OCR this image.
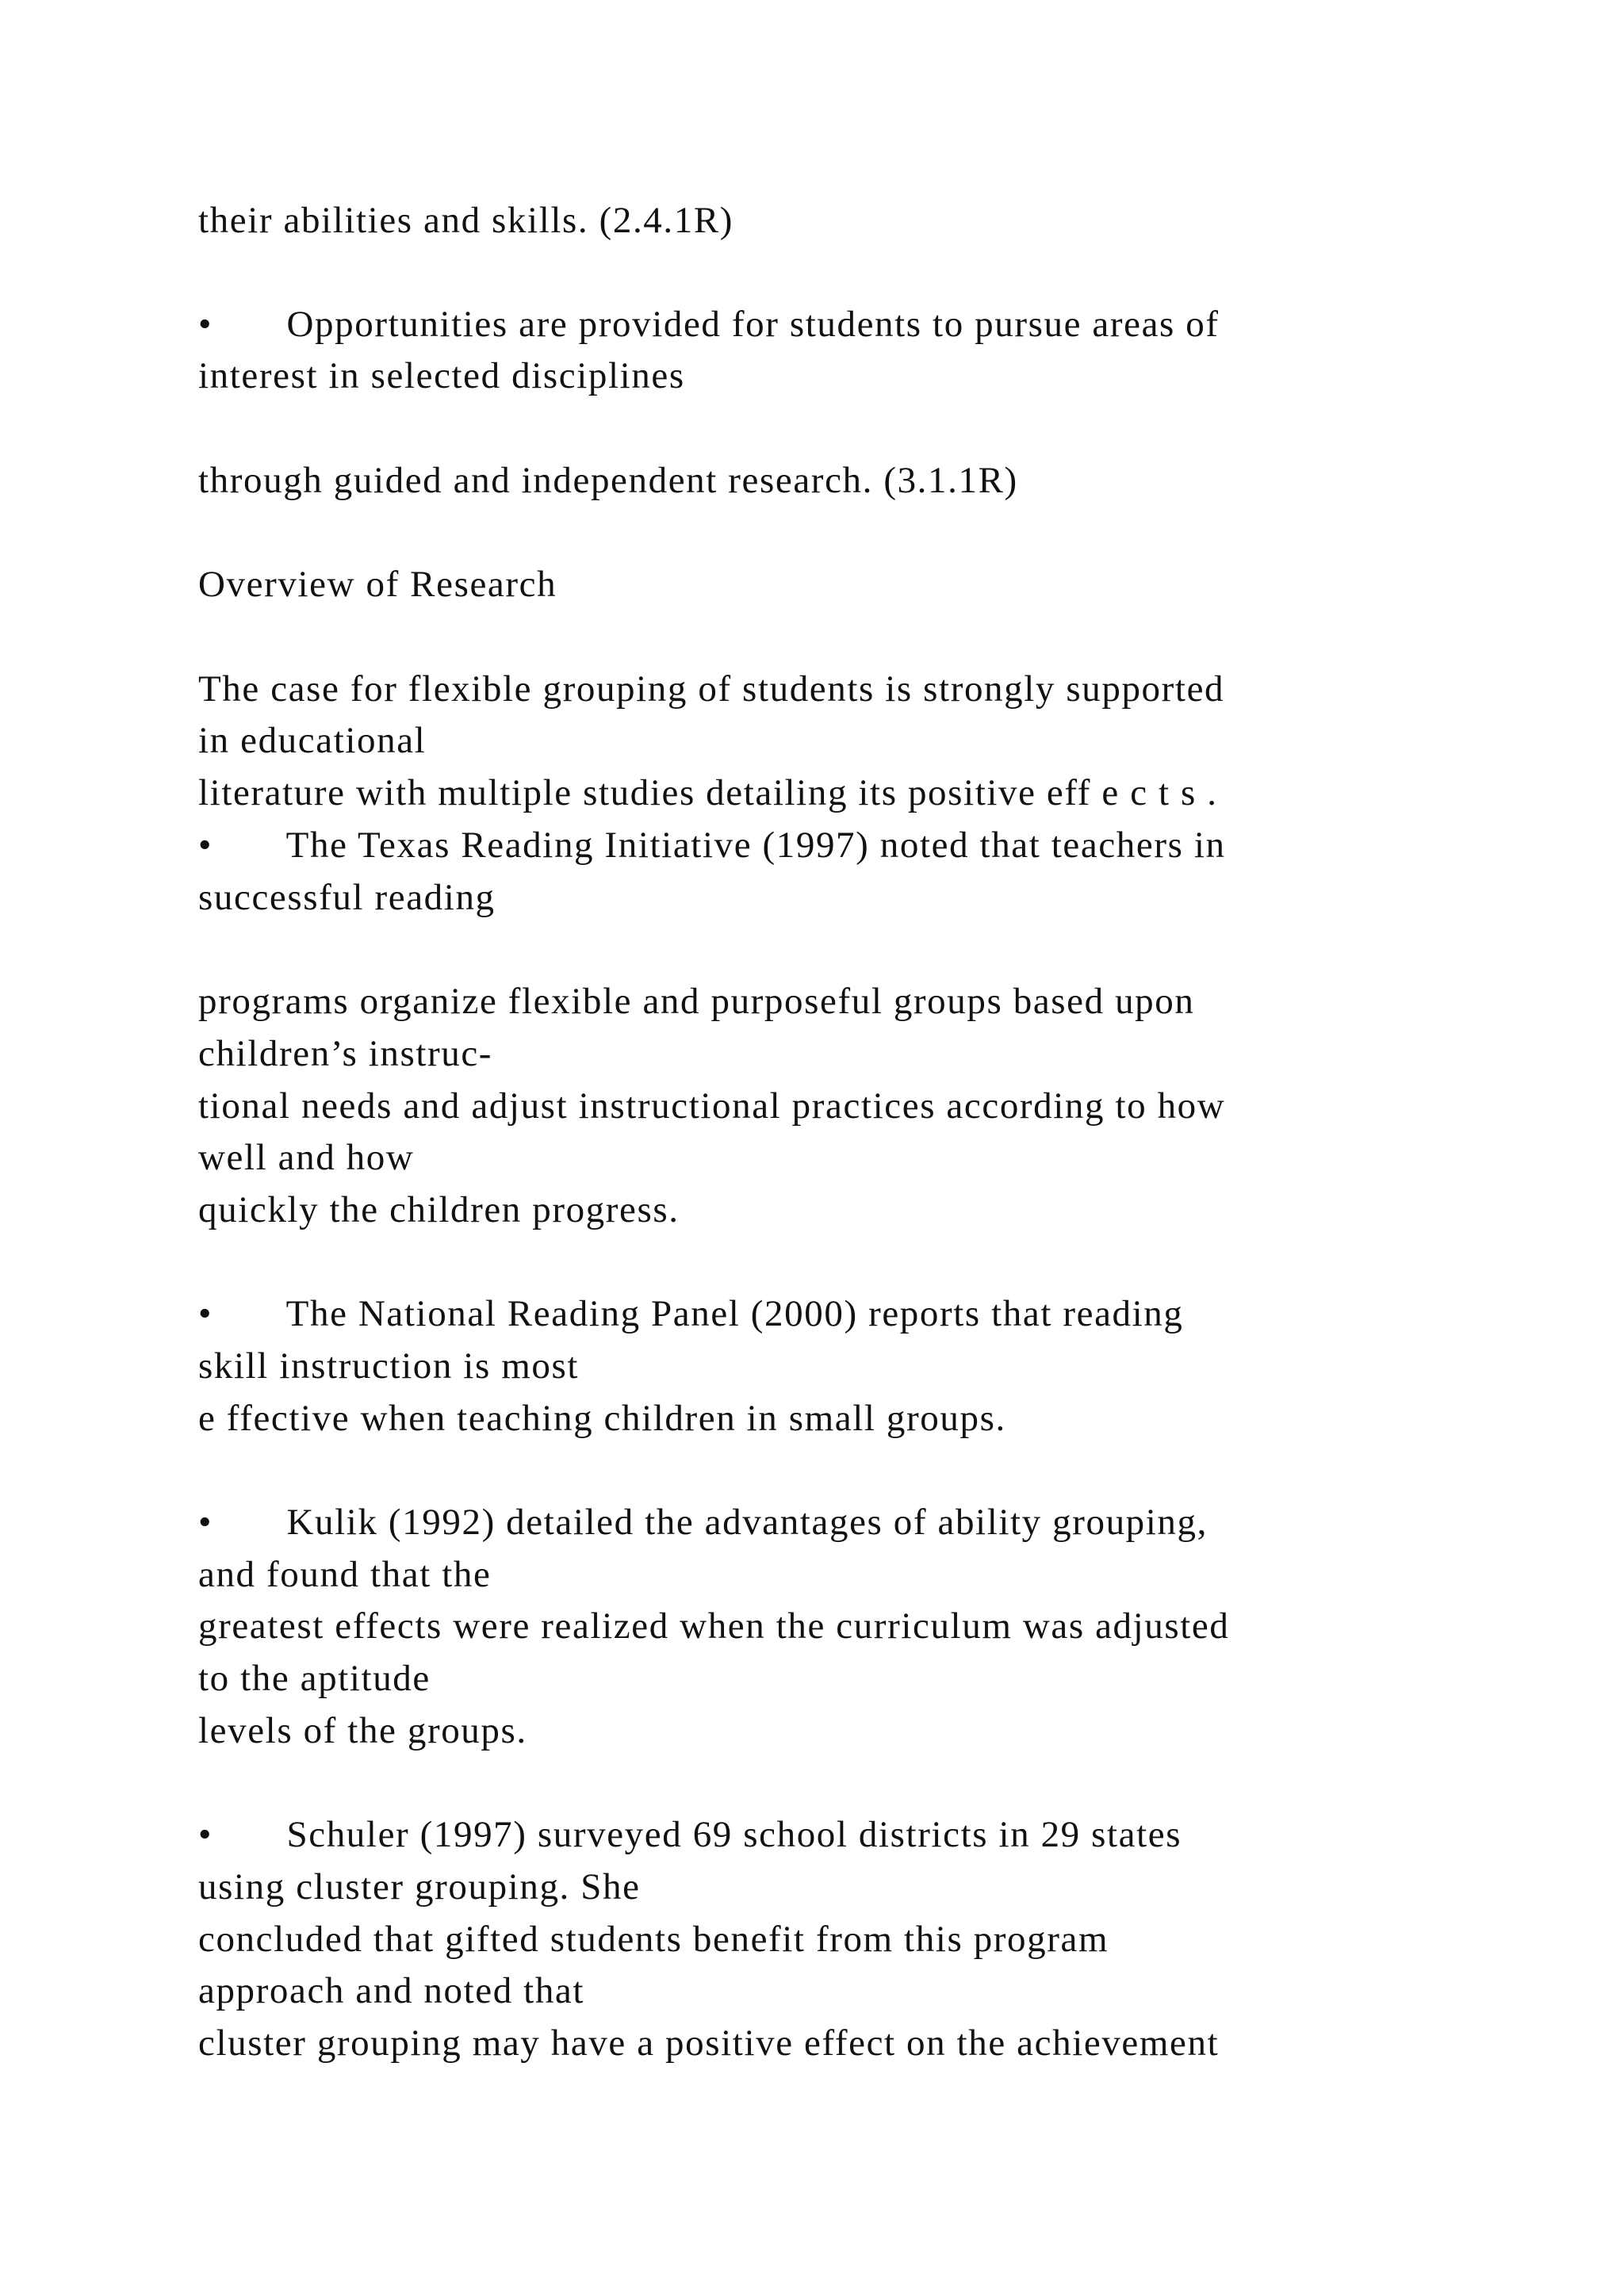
their abilities and skills. (2.4.1R)

•       Opportunities are provided for students to pursue areas of

interest in selected disciplines

through guided and independent research. (3.1.1R)

Overview of Research

The case for flexible grouping of students is strongly supported

in educational

literature with multiple studies detailing its positive eff e c t s .

•       The Texas Reading Initiative (1997) noted that teachers in

successful reading

programs organize flexible and purposeful groups based upon

children’s instruc-

tional needs and adjust instructional practices according to how

well and how

quickly the children progress.

•       The National Reading Panel (2000) reports that reading

skill instruction is most

e ffective when teaching children in small groups.

•       Kulik (1992) detailed the advantages of ability grouping,

and found that the

greatest effects were realized when the curriculum was adjusted

to the aptitude

levels of the groups.

•       Schuler (1997) surveyed 69 school districts in 29 states

using cluster grouping. She

concluded that gifted students benefit from this program

approach and noted that

cluster grouping may have a positive effect on the achievement
